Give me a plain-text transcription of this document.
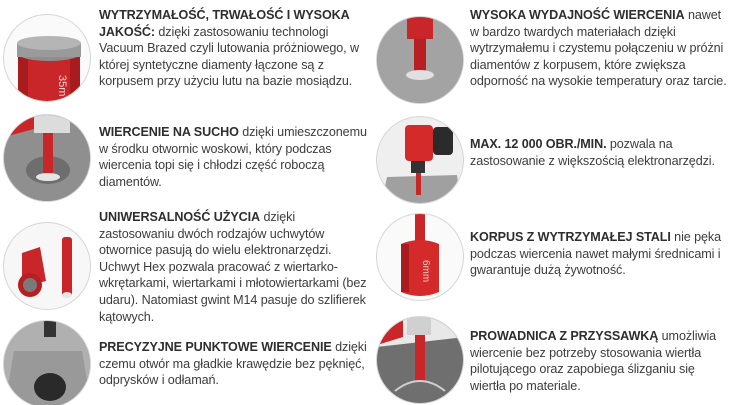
35m
WYTRZYMAŁOŚĆ, TRWAŁOŚĆ I WYSOKA JAKOŚĆ: dzięki zastosowaniu technologi Vacuum Brazed czyli lutowania próżniowego, w której syntetyczne diamenty łączone są z korpusem przy użyciu lutu na bazie mosiądzu.
WIERCENIE NA SUCHO dzięki umieszczonemu w środku otwornic woskowi, który podczas wiercenia topi się i chłodzi część roboczą diamentów.
UNIWERSALNOŚĆ UŻYCIA dzięki zastosowaniu dwóch rodzajów uchwytów otwornice pasują do wielu elektronarzędzi. Uchwyt Hex pozwala pracować z wiertarko-wkrętarkami, wiertarkami i młotowiertarkami (bez udaru). Natomiast gwint M14 pasuje do szlifierek kątowych.
PRECYZYJNE PUNKTOWE WIERCENIE dzięki czemu otwór ma gładkie krawędzie bez pęknięć, odprysków i odłamań.
WYSOKA WYDAJNOŚĆ WIERCENIA nawet w bardzo twardych materiałach dzięki wytrzymałemu i czystemu połączeniu w próżni diamentów z korpusem, które zwiększa odporność na wysokie temperatury oraz tarcie.
MAX. 12 000 OBR./MIN. pozwala na zastosowanie z większością elektronarzędzi.
6mm
KORPUS Z WYTRZYMAŁEJ STALI nie pęka podczas wiercenia nawet małymi średnicami i gwarantuje dużą żywotność.
PROWADNICA Z PRZYSSAWKĄ umożliwia wiercenie bez potrzeby stosowania wiertła pilotującego oraz zapobiega ślizganiu się wiertła po materiale.
